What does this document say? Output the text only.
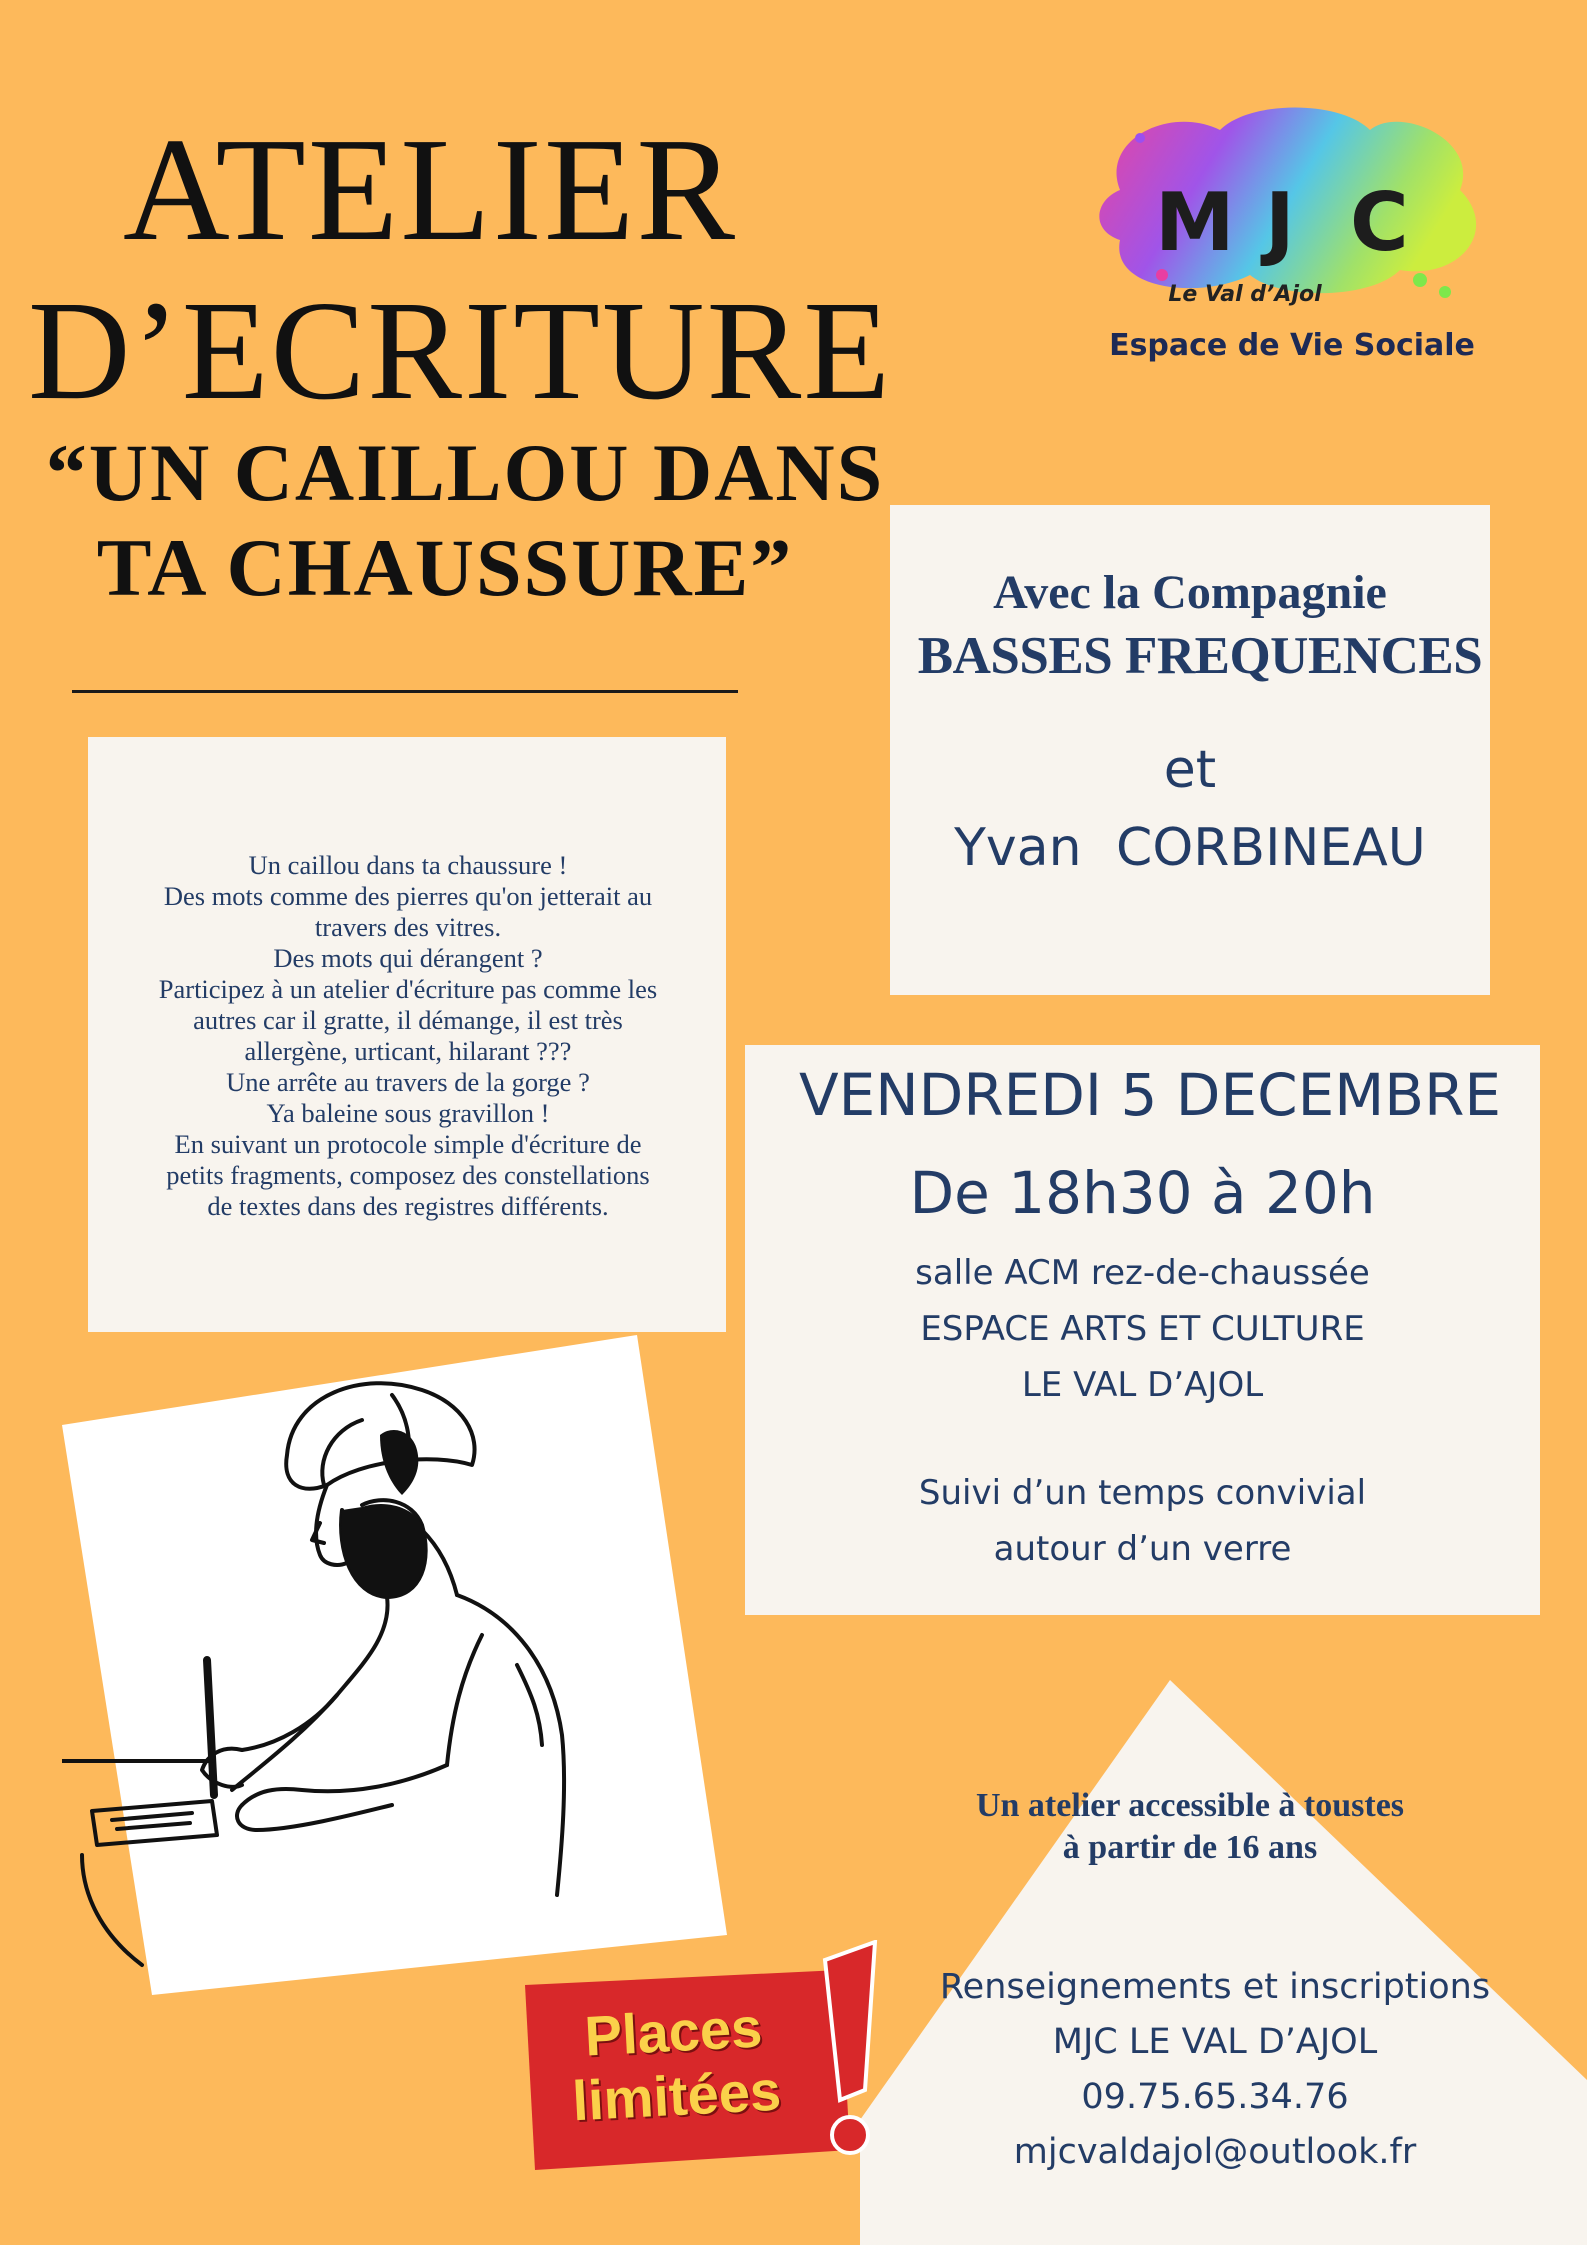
ATELIER
D’ECRITURE
“UN CAILLOU DANS
TA CHAUSSURE”
M J C
Le Val d’Ajol
Espace de Vie Sociale
Avec la Compagnie
BASSES FREQUENCES
et
Yvan CORBINEAU
Un caillou dans ta chaussure !
Des mots comme des pierres qu'on jetterait au
travers des vitres.
Des mots qui dérangent ?
Participez à un atelier d'écriture pas comme les
autres car il gratte, il démange, il est très
allergène, urticant, hilarant ???
Une arrête au travers de la gorge ?
Ya baleine sous gravillon !
En suivant un protocole simple d'écriture de
petits fragments, composez des constellations
de textes dans des registres différents.
VENDREDI 5 DECEMBRE
De 18h30 à 20h
salle ACM rez-de-chaussée
ESPACE ARTS ET CULTURE
LE VAL D’AJOL
Suivi d’un temps convivial
autour d’un verre
Un atelier accessible à toustes
à partir de 16 ans
Renseignements et inscriptions
MJC LE VAL D’AJOL
09.75.65.34.76
mjcvaldajol@outlook.fr
Places
limitées
